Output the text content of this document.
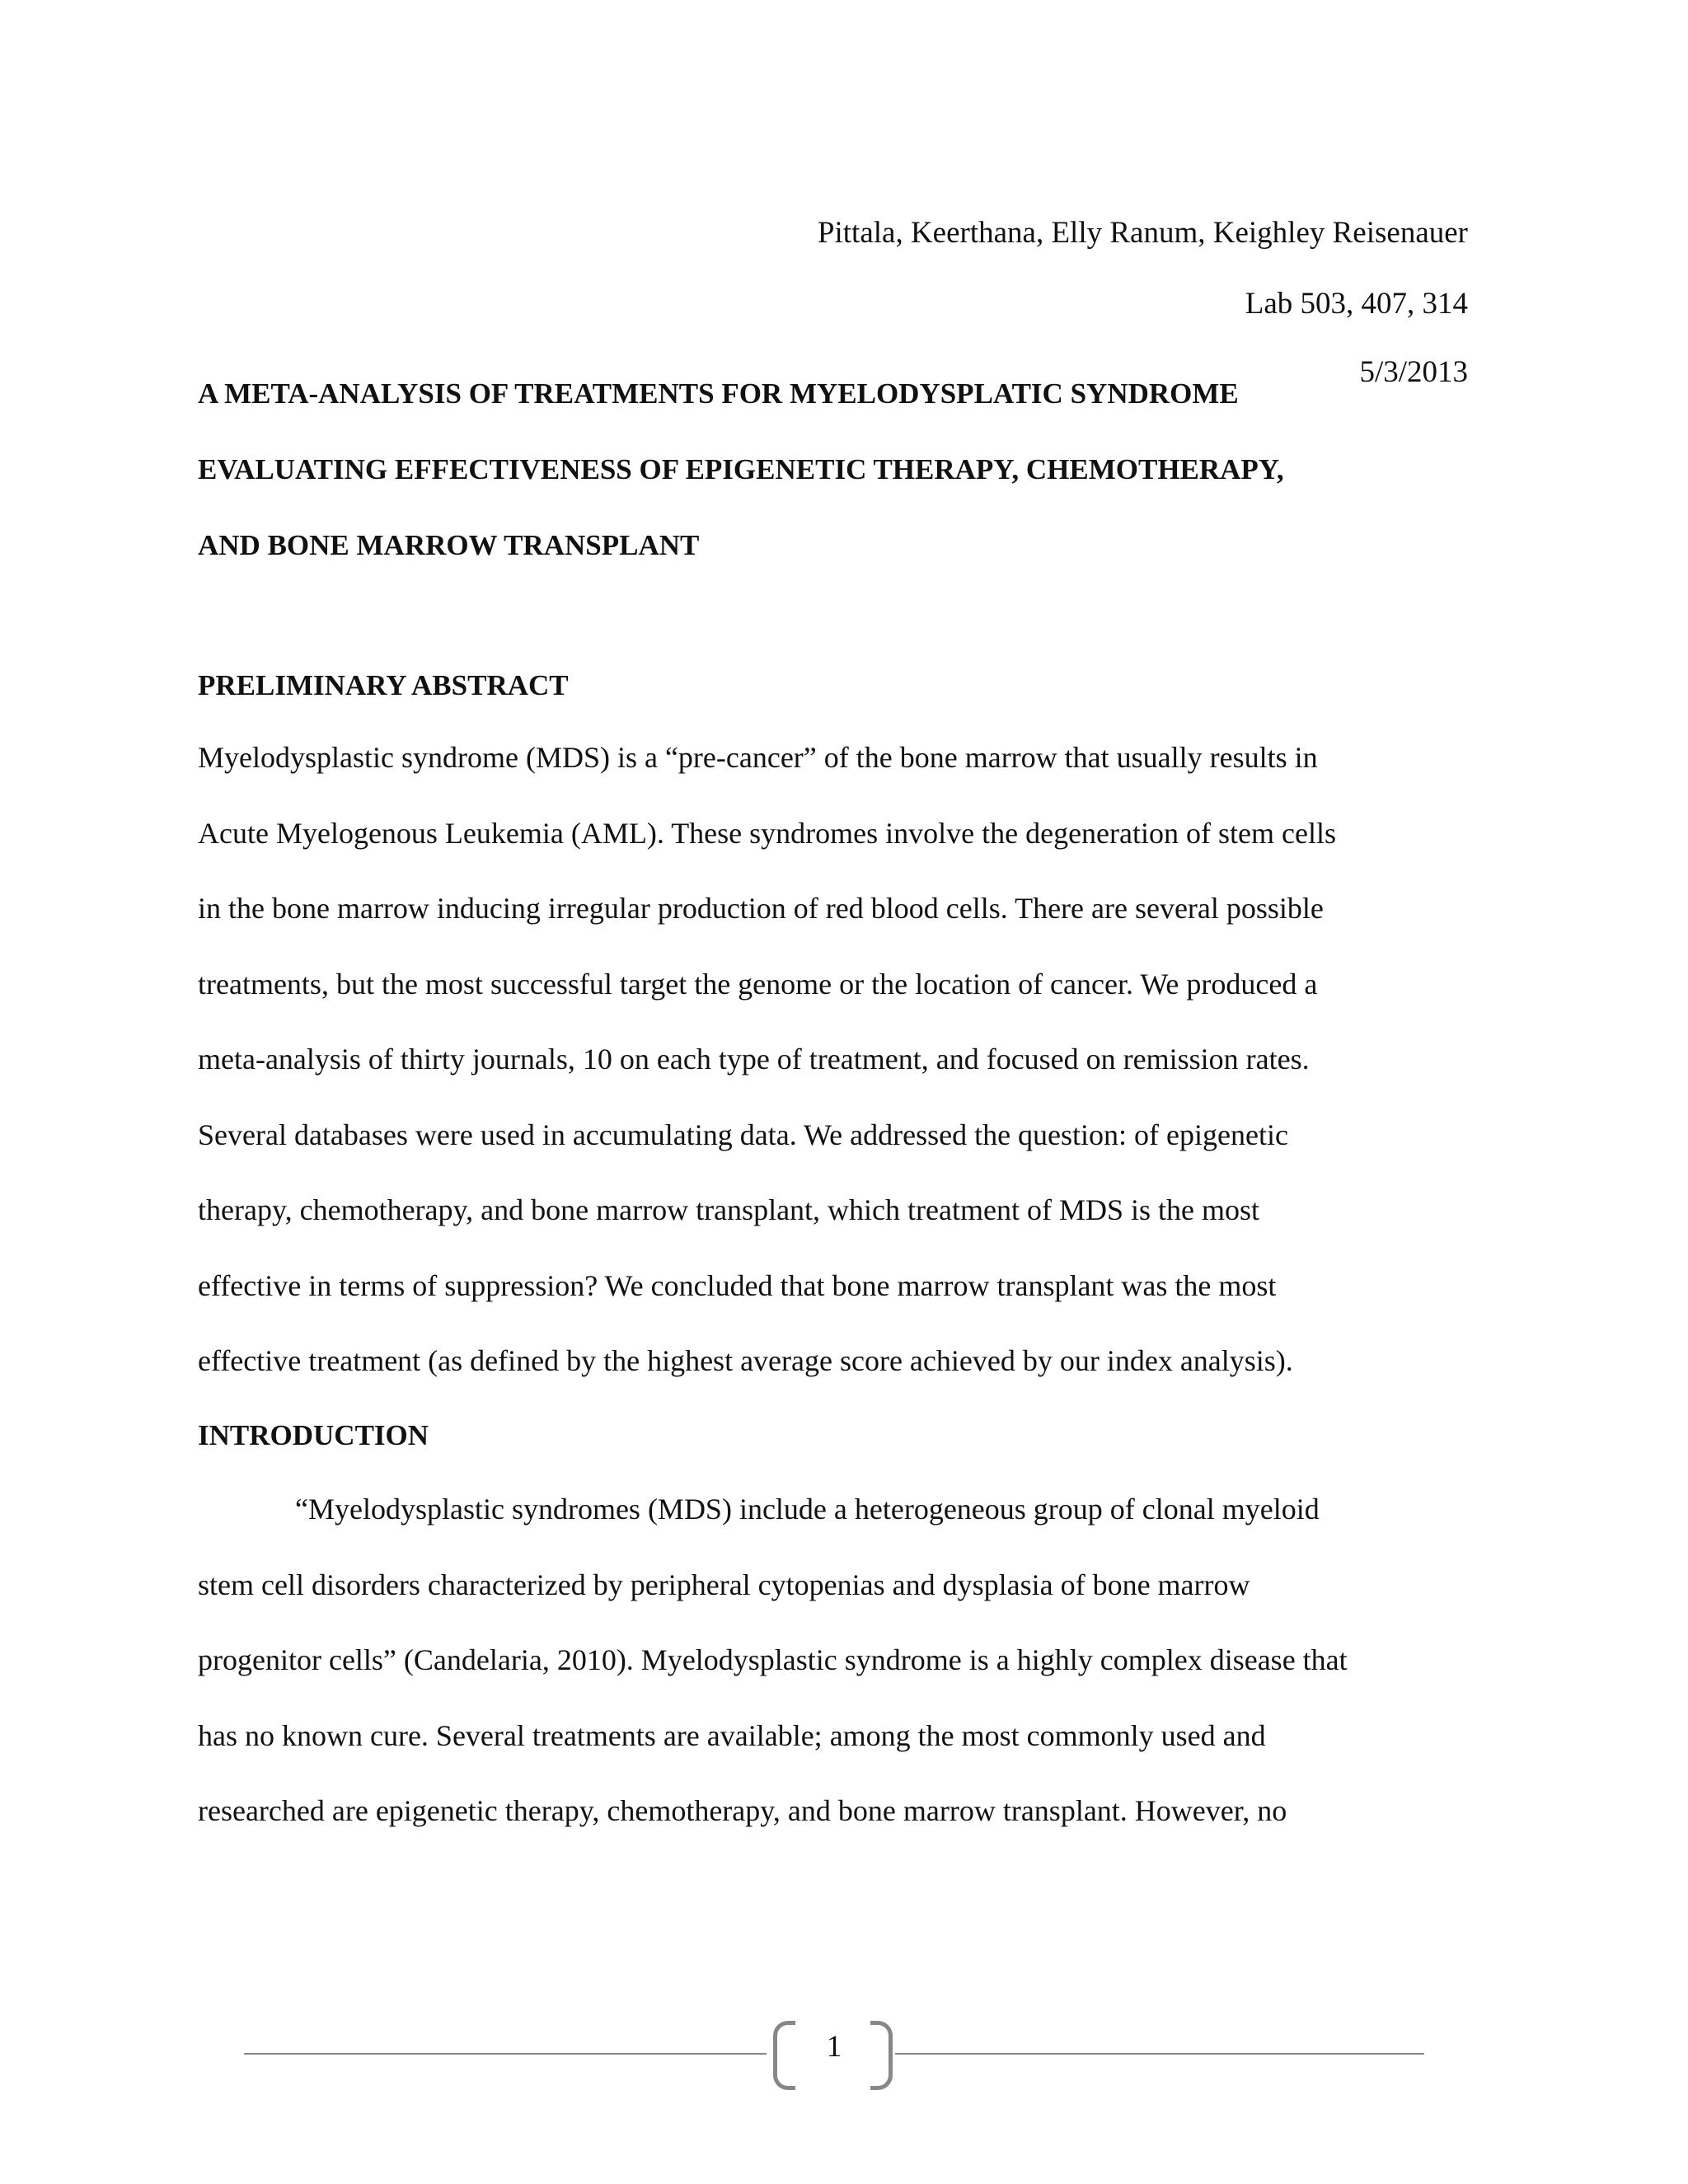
Pittala, Keerthana, Elly Ranum, Keighley Reisenauer
Lab 503, 407, 314
5/3/2013
A META-ANALYSIS OF TREATMENTS FOR MYELODYSPLATIC SYNDROME
EVALUATING EFFECTIVENESS OF EPIGENETIC THERAPY, CHEMOTHERAPY,
AND BONE MARROW TRANSPLANT
PRELIMINARY ABSTRACT
Myelodysplastic syndrome (MDS) is a “pre-cancer” of the bone marrow that usually results in
Acute Myelogenous Leukemia (AML). These syndromes involve the degeneration of stem cells
in the bone marrow inducing irregular production of red blood cells. There are several possible
treatments, but the most successful target the genome or the location of cancer. We produced a
meta-analysis of thirty journals, 10 on each type of treatment, and focused on remission rates.
Several databases were used in accumulating data. We addressed the question: of epigenetic
therapy, chemotherapy, and bone marrow transplant, which treatment of MDS is the most
effective in terms of suppression? We concluded that bone marrow transplant was the most
effective treatment (as defined by the highest average score achieved by our index analysis).
INTRODUCTION
“Myelodysplastic syndromes (MDS) include a heterogeneous group of clonal myeloid
stem cell disorders characterized by peripheral cytopenias and dysplasia of bone marrow
progenitor cells” (Candelaria, 2010). Myelodysplastic syndrome is a highly complex disease that
has no known cure. Several treatments are available; among the most commonly used and
researched are epigenetic therapy, chemotherapy, and bone marrow transplant. However, no
1
